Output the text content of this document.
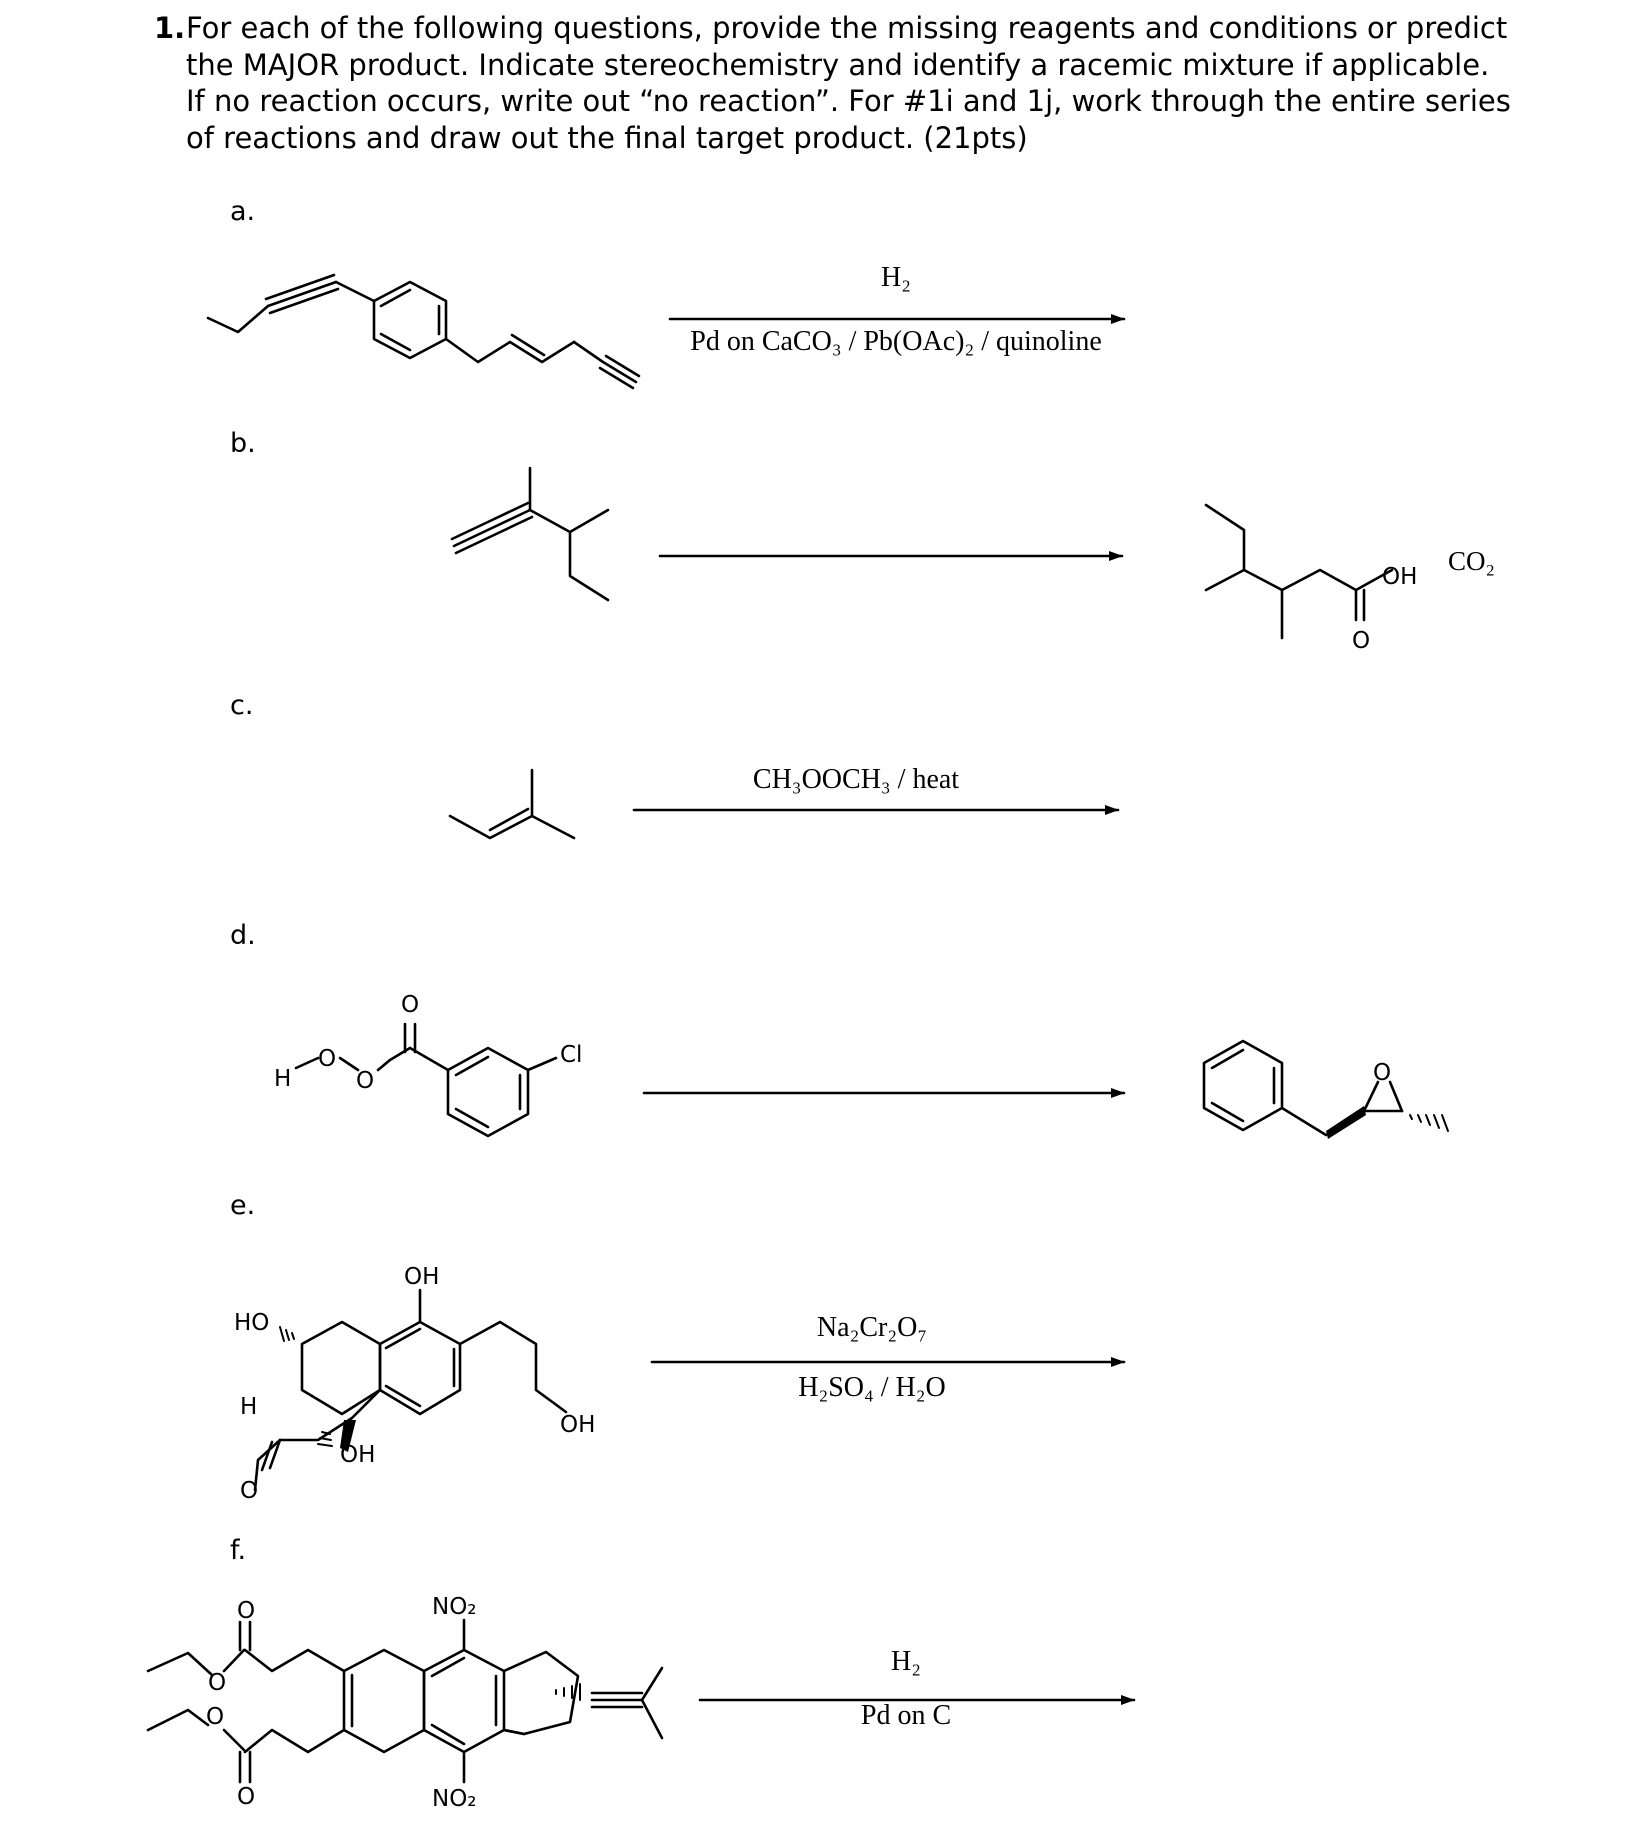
1. For each of the following questions, provide the missing reagents and conditions or predict the MAJOR product. Indicate stereochemistry and identify a racemic mixture if applicable. If no reaction occurs, write out “no reaction”. For #1i and 1j, work through the entire series of reactions and draw out the final target product. (21pts)
a.
b.
c.
d.
e.
f.
H₂
Pd on CaCO₃ / Pb(OAc)₂ / quinoline
CH₃OOCH₃ / heat
Na₂Cr₂O₇
H₂SO₄ / H₂O
H₂
Pd on C
OH
O
CO₂
H
O
O
O
Cl
O
OH
HO
H
O
OH
OH
O
O
O
O
NO₂
NO₂
